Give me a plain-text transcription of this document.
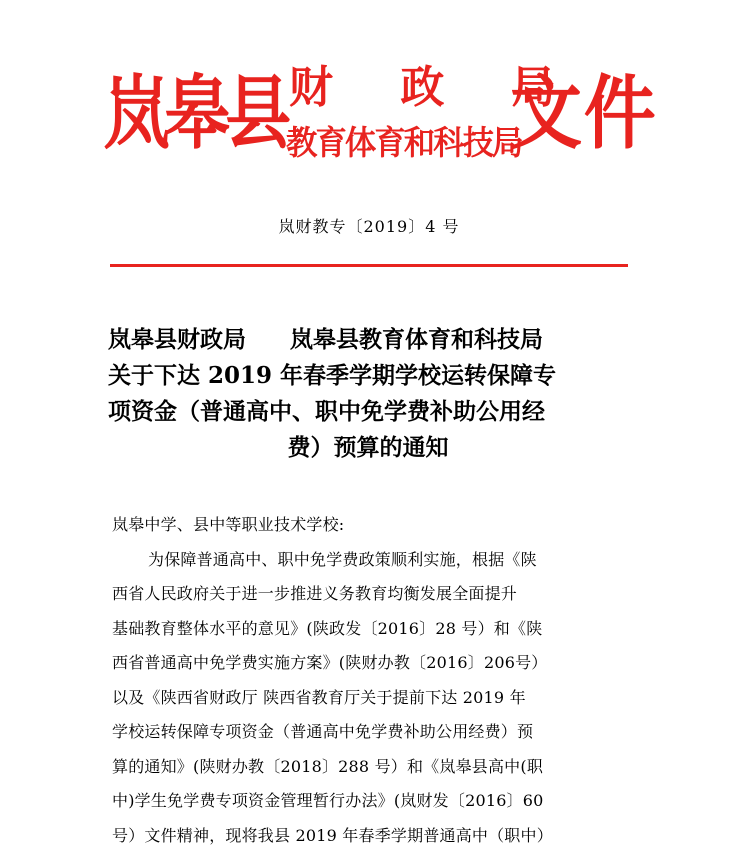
岚皋县 财 政 局
教育体育和科技局
文件
岚财教专〔2019〕4 号
岚皋县财政局 岚皋县教育体育和科技局
关于下达 2019 年春季学期学校运转保障专
项资金（普通高中、职中免学费补助公用经
费）预算的通知
岚皋中学、县中等职业技术学校:
为保障普通高中、职中免学费政策顺利实施，根据《陕
西省人民政府关于进一步推进义务教育均衡发展全面提升
基础教育整体水平的意见》(陕政发〔2016〕28 号）和《陕
西省普通高中免学费实施方案》(陕财办教〔2016〕206号）
以及《陕西省财政厅 陕西省教育厅关于提前下达 2019 年
学校运转保障专项资金（普通高中免学费补助公用经费）预
算的通知》(陕财办教〔2018〕288 号）和《岚皋县高中(职
中)学生免学费专项资金管理暂行办法》(岚财发〔2016〕60
号）文件精神，现将我县 2019 年春季学期普通高中（职中）
